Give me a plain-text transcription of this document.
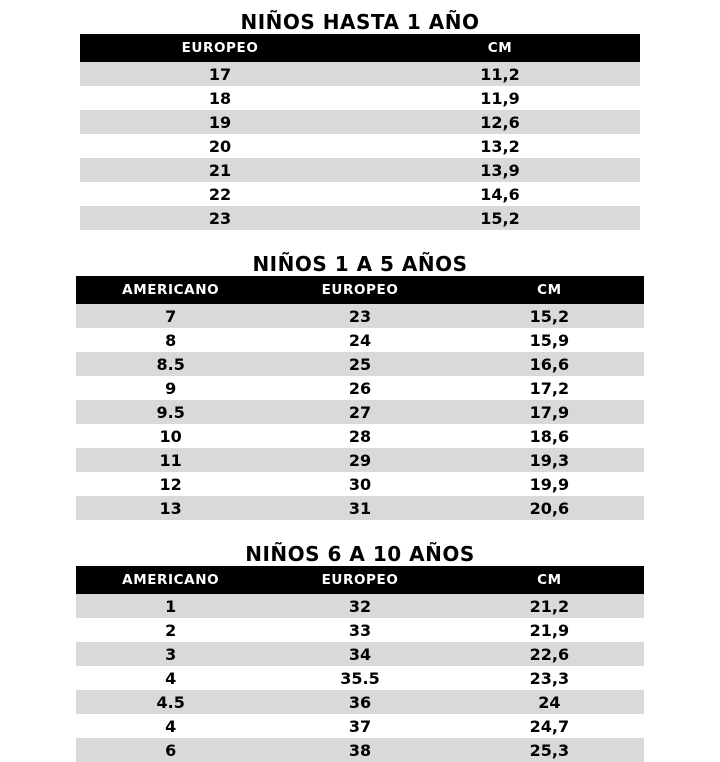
NIÑOS HASTA 1 AÑO

EUROPEO	CM
17	11,2
18	11,9
19	12,6
20	13,2
21	13,9
22	14,6
23	15,2

NIÑOS 1 A 5 AÑOS

AMERICANO	EUROPEO	CM
7	23	15,2
8	24	15,9
8.5	25	16,6
9	26	17,2
9.5	27	17,9
10	28	18,6
11	29	19,3
12	30	19,9
13	31	20,6

NIÑOS 6 A 10 AÑOS

AMERICANO	EUROPEO	CM
1	32	21,2
2	33	21,9
3	34	22,6
4	35.5	23,3
4.5	36	24
4	37	24,7
6	38	25,3
